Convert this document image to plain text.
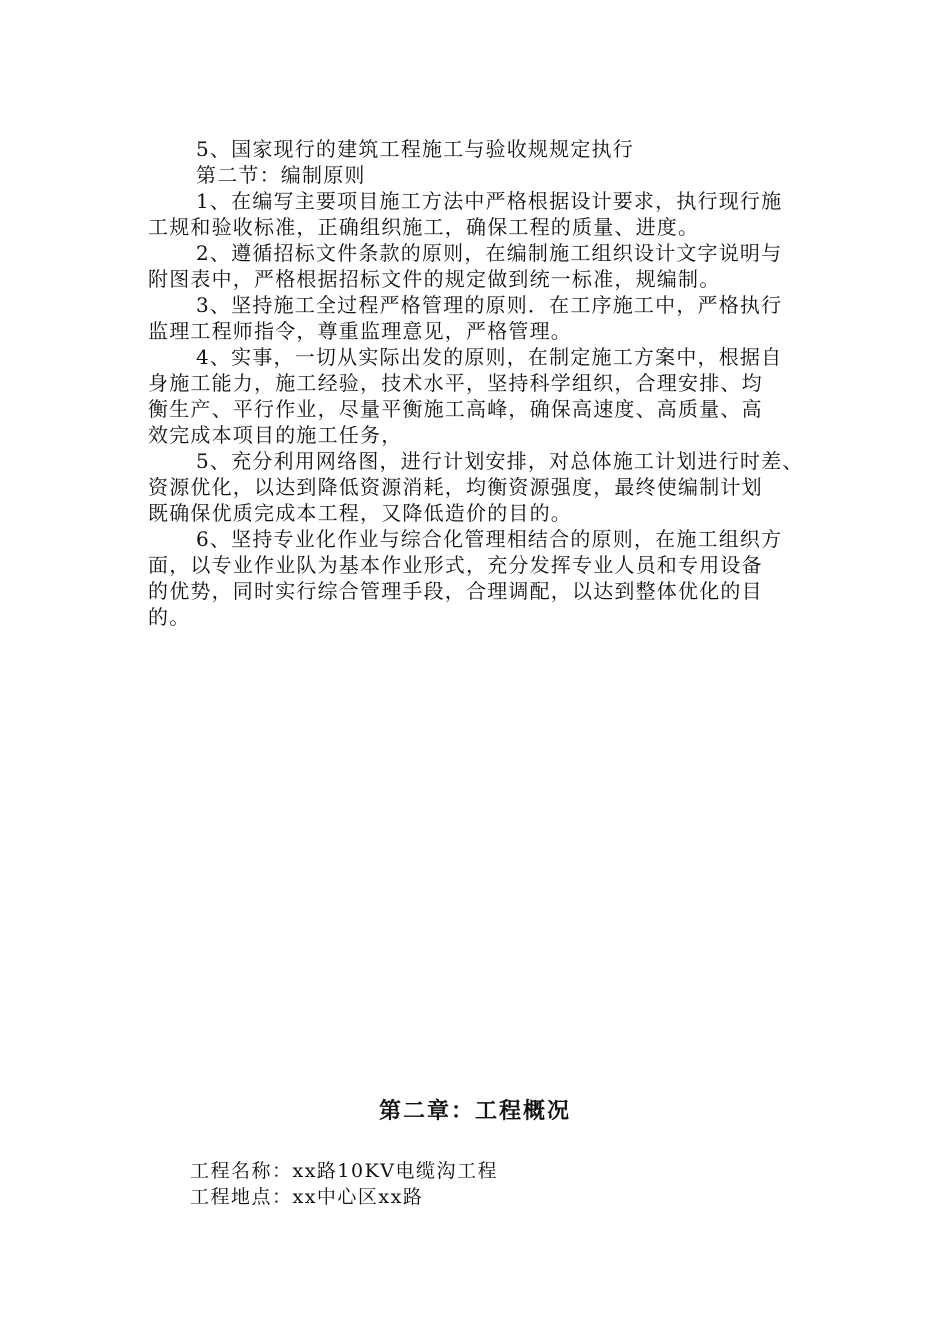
5、国家现行的建筑工程施工与验收规规定执行
第二节：编制原则
1、在编写主要项目施工方法中严格根据设计要求，执行现行施
工规和验收标准，正确组织施工，确保工程的质量、进度。
2、遵循招标文件条款的原则，在编制施工组织设计文字说明与
附图表中，严格根据招标文件的规定做到统一标准，规编制。
3、坚持施工全过程严格管理的原则．在工序施工中，严格执行
监理工程师指令，尊重监理意见，严格管理。
4、实事，一切从实际出发的原则，在制定施工方案中，根据自
身施工能力，施工经验，技术水平，坚持科学组织，合理安排、均
衡生产、平行作业，尽量平衡施工高峰，确保高速度、高质量、高
效完成本项目的施工任务，
5、充分利用网络图，进行计划安排，对总体施工计划进行时差、
资源优化，以达到降低资源消耗，均衡资源强度，最终使编制计划
既确保优质完成本工程，又降低造价的目的。
6、坚持专业化作业与综合化管理相结合的原则，在施工组织方
面，以专业作业队为基本作业形式，充分发挥专业人员和专用设备
的优势，同时实行综合管理手段，合理调配，以达到整体优化的目
的。
第二章：工程概况
工程名称：xx路10KV电缆沟工程
工程地点：xx中心区xx路
